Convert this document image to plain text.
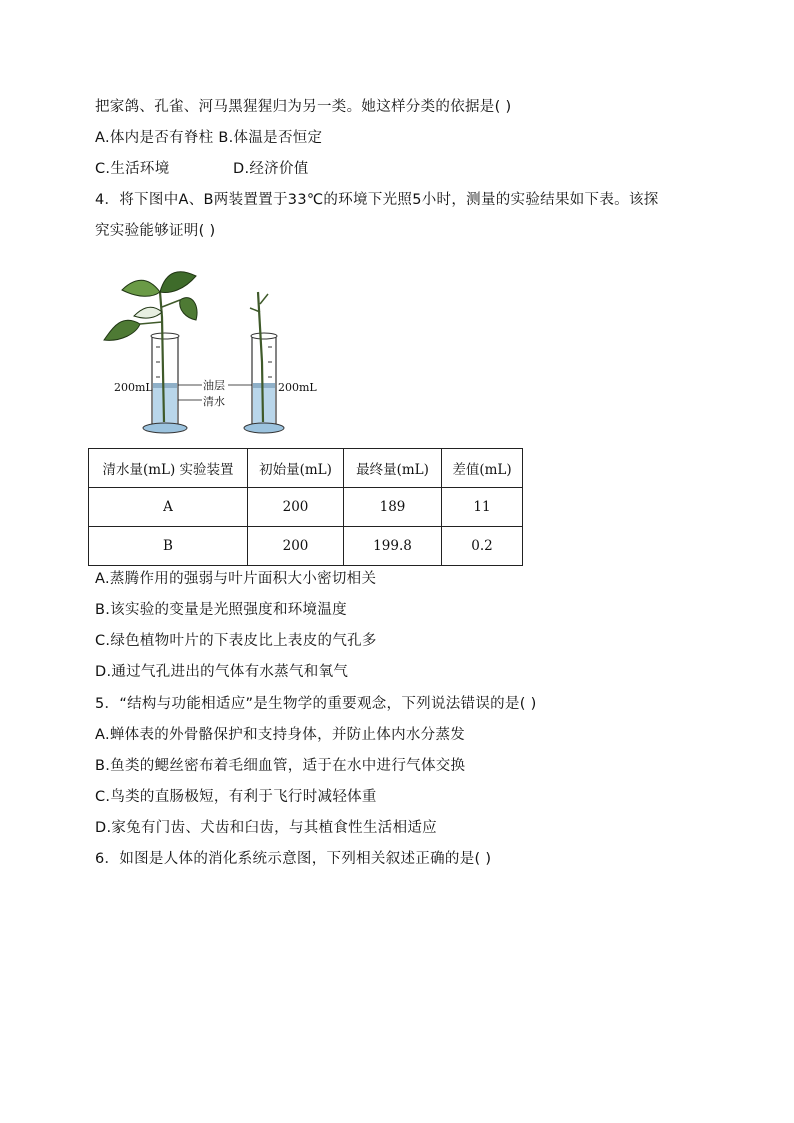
把家鸽、孔雀、河马黑猩猩归为另一类。她这样分类的依据是( )
A.体内是否有脊柱 B.体温是否恒定
C.生活环境	D.经济价值
4．将下图中A、B两装置置于33℃的环境下光照5小时，测量的实验结果如下表。该探
究实验能够证明( )
200mL	200mL
油层
清水
清水量(mL) 实验装置	初始量(mL)	最终量(mL)	差值(mL)
A	200	189	11
B	200	199.8	0.2
A.蒸腾作用的强弱与叶片面积大小密切相关
B.该实验的变量是光照强度和环境温度
C.绿色植物叶片的下表皮比上表皮的气孔多
D.通过气孔进出的气体有水蒸气和氧气
5．“结构与功能相适应”是生物学的重要观念，下列说法错误的是( )
A.蝉体表的外骨骼保护和支持身体，并防止体内水分蒸发
B.鱼类的鳃丝密布着毛细血管，适于在水中进行气体交换
C.鸟类的直肠极短，有利于飞行时减轻体重
D.家兔有门齿、犬齿和臼齿，与其植食性生活相适应
6．如图是人体的消化系统示意图，下列相关叙述正确的是( )
